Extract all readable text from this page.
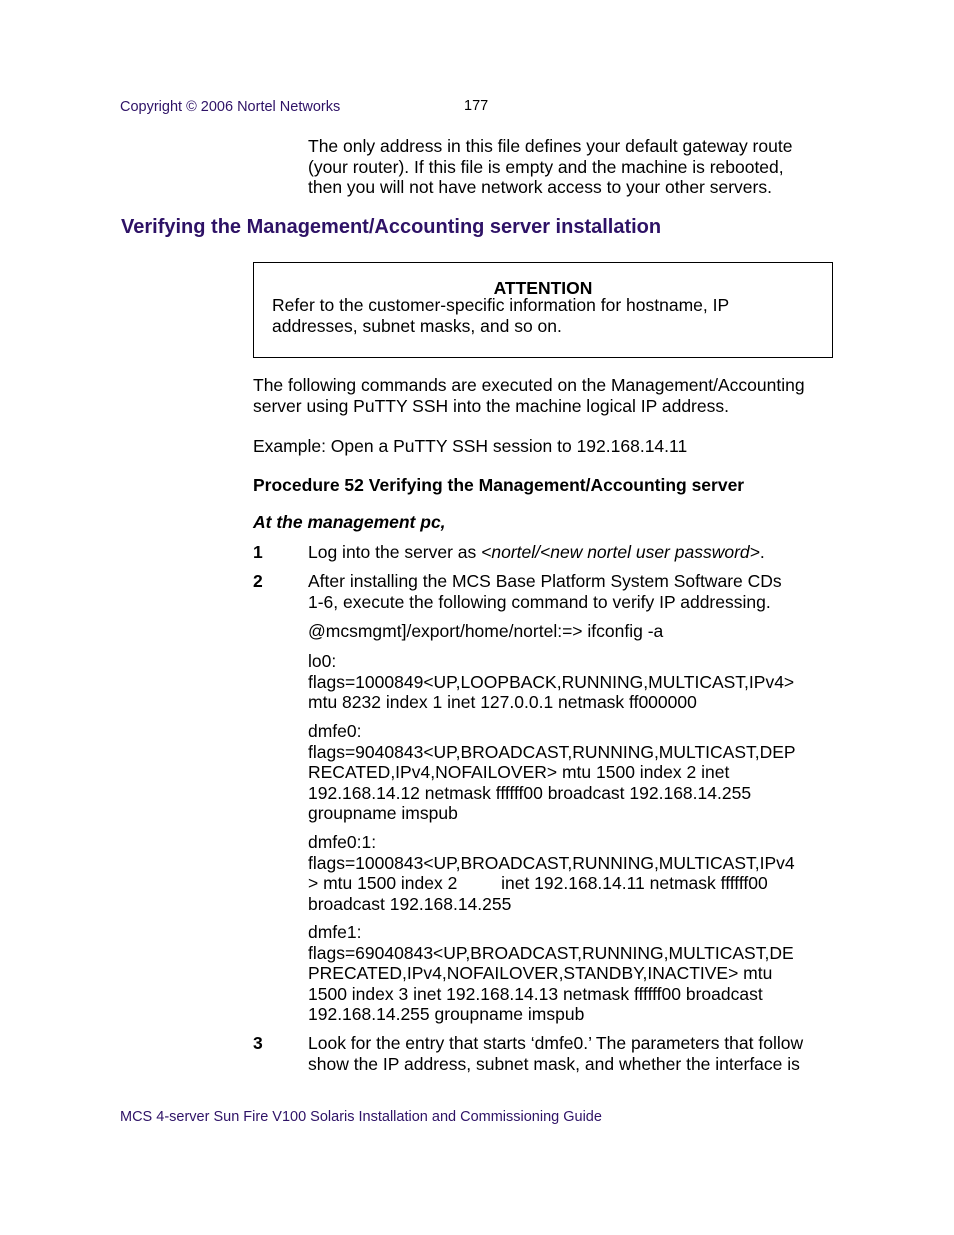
Copyright © 2006 Nortel Networks	177
The only address in this file defines your default gateway route
(your router). If this file is empty and the machine is rebooted,
then you will not have network access to your other servers.
Verifying the Management/Accounting server installation
ATTENTION
Refer to the customer-specific information for hostname, IP
addresses, subnet masks, and so on.
The following commands are executed on the Management/Accounting
server using PuTTY SSH into the machine logical IP address.
Example: Open a PuTTY SSH session to 192.168.14.11
Procedure 52 Verifying the Management/Accounting server
At the management pc,
1	Log into the server as <nortel/<new nortel user password>.
2	After installing the MCS Base Platform System Software CDs
1-6, execute the following command to verify IP addressing.
@mcsmgmt]/export/home/nortel:=> ifconfig -a
lo0:
flags=1000849<UP,LOOPBACK,RUNNING,MULTICAST,IPv4>
mtu 8232 index 1 inet 127.0.0.1 netmask ff000000
dmfe0:
flags=9040843<UP,BROADCAST,RUNNING,MULTICAST,DEP
RECATED,IPv4,NOFAILOVER> mtu 1500 index 2 inet
192.168.14.12 netmask ffffff00 broadcast 192.168.14.255
groupname imspub
dmfe0:1:
flags=1000843<UP,BROADCAST,RUNNING,MULTICAST,IPv4
> mtu 1500 index 2         inet 192.168.14.11 netmask ffffff00
broadcast 192.168.14.255
dmfe1:
flags=69040843<UP,BROADCAST,RUNNING,MULTICAST,DE
PRECATED,IPv4,NOFAILOVER,STANDBY,INACTIVE> mtu
1500 index 3 inet 192.168.14.13 netmask ffffff00 broadcast
192.168.14.255 groupname imspub
3	Look for the entry that starts ‘dmfe0.’ The parameters that follow
show the IP address, subnet mask, and whether the interface is
MCS 4-server Sun Fire V100 Solaris Installation and Commissioning Guide
